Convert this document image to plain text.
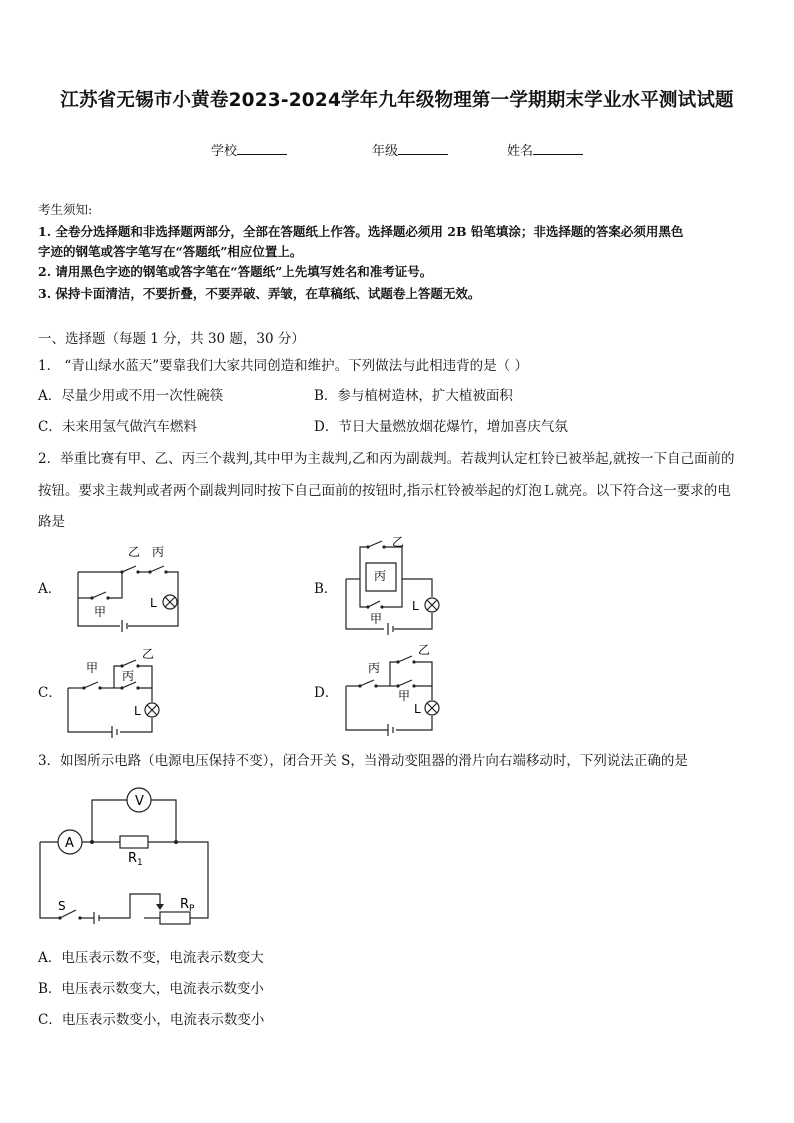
江苏省无锡市小黄卷2023-2024学年九年级物理第一学期期末学业水平测试试题
学校	年级	姓名
考生须知:
1. 全卷分选择题和非选择题两部分，全部在答题纸上作答。选择题必须用 2B 铅笔填涂；非选择题的答案必须用黑色
字迹的钢笔或答字笔写在“答题纸”相应位置上。
2. 请用黑色字迹的钢笔或答字笔在“答题纸”上先填写姓名和准考证号。
3. 保持卡面清洁，不要折叠，不要弄破、弄皱，在草稿纸、试题卷上答题无效。
一、选择题（每题 1 分，共 30 题，30 分）
1． “青山绿水蓝天”要靠我们大家共同创造和维护。下列做法与此相违背的是（ ）
A．尽量少用或不用一次性碗筷	B．参与植树造林，扩大植被面积
C．未来用氢气做汽车燃料	D．节日大量燃放烟花爆竹，增加喜庆气氛
2．举重比赛有甲、乙、丙三个裁判,其中甲为主裁判,乙和丙为副裁判。若裁判认定杠铃已被举起,就按一下自己面前的
按钮。要求主裁判或者两个副裁判同时按下自己面前的按钮时,指示杠铃被举起的灯泡Ｌ就亮。以下符合这一要求的电
路是
A．	B．
C．	D．
乙 丙
甲
L
乙
丙
甲
L
甲
乙
丙
L
丙
乙
甲
L
3．如图所示电路（电源电压保持不变），闭合开关 S，当滑动变阻器的滑片向右端移动时，下列说法正确的是
V
A
$R_1$
S	$R_P$
A．电压表示数不变，电流表示数变大
B．电压表示数变大，电流表示数变小
C．电压表示数变小，电流表示数变小
